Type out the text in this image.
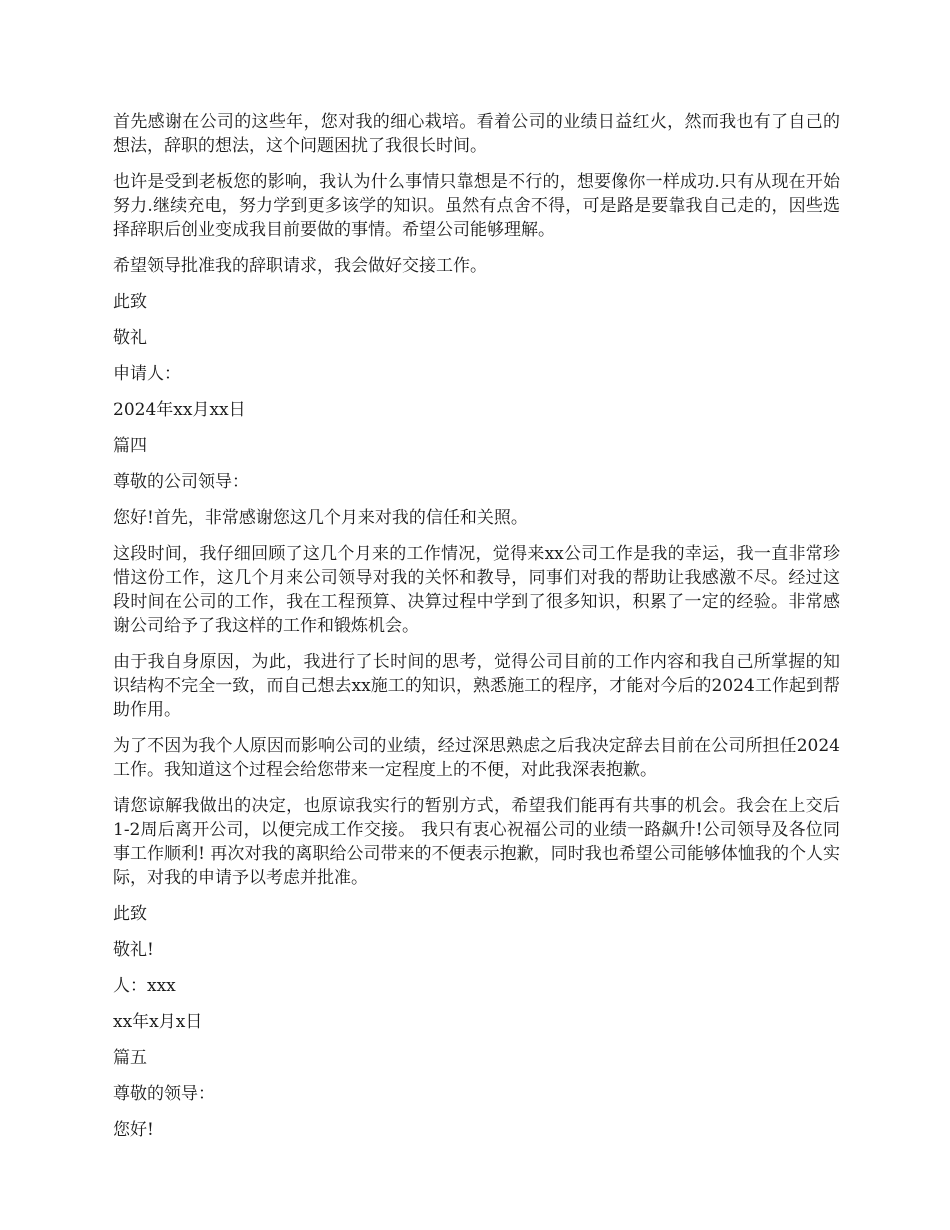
首先感谢在公司的这些年，您对我的细心栽培。看着公司的业绩日益红火，然而我也有了自己的想法，辞职的想法，这个问题困扰了我很长时间。

也许是受到老板您的影响，我认为什么事情只靠想是不行的，想要像你一样成功.只有从现在开始努力.继续充电，努力学到更多该学的知识。虽然有点舍不得，可是路是要靠我自己走的，因些选择辞职后创业变成我目前要做的事情。希望公司能够理解。

希望领导批准我的辞职请求，我会做好交接工作。

此致

敬礼

申请人：

2024年xx月xx日

篇四

尊敬的公司领导：

您好!首先，非常感谢您这几个月来对我的信任和关照。

这段时间，我仔细回顾了这几个月来的工作情况，觉得来xx公司工作是我的幸运，我一直非常珍惜这份工作，这几个月来公司领导对我的关怀和教导，同事们对我的帮助让我感激不尽。经过这段时间在公司的工作，我在工程预算、决算过程中学到了很多知识，积累了一定的经验。非常感谢公司给予了我这样的工作和锻炼机会。

由于我自身原因，为此，我进行了长时间的思考，觉得公司目前的工作内容和我自己所掌握的知识结构不完全一致，而自己想去xx施工的知识，熟悉施工的程序，才能对今后的2024工作起到帮助作用。

为了不因为我个人原因而影响公司的业绩，经过深思熟虑之后我决定辞去目前在公司所担任2024工作。我知道这个过程会给您带来一定程度上的不便，对此我深表抱歉。

请您谅解我做出的决定，也原谅我实行的暂别方式，希望我们能再有共事的机会。我会在上交后1-2周后离开公司，以便完成工作交接。 我只有衷心祝福公司的业绩一路飙升!公司领导及各位同事工作顺利! 再次对我的离职给公司带来的不便表示抱歉，同时我也希望公司能够体恤我的个人实际，对我的申请予以考虑并批准。

此致

敬礼!

人：xxx

xx年x月x日

篇五

尊敬的领导：

您好!
